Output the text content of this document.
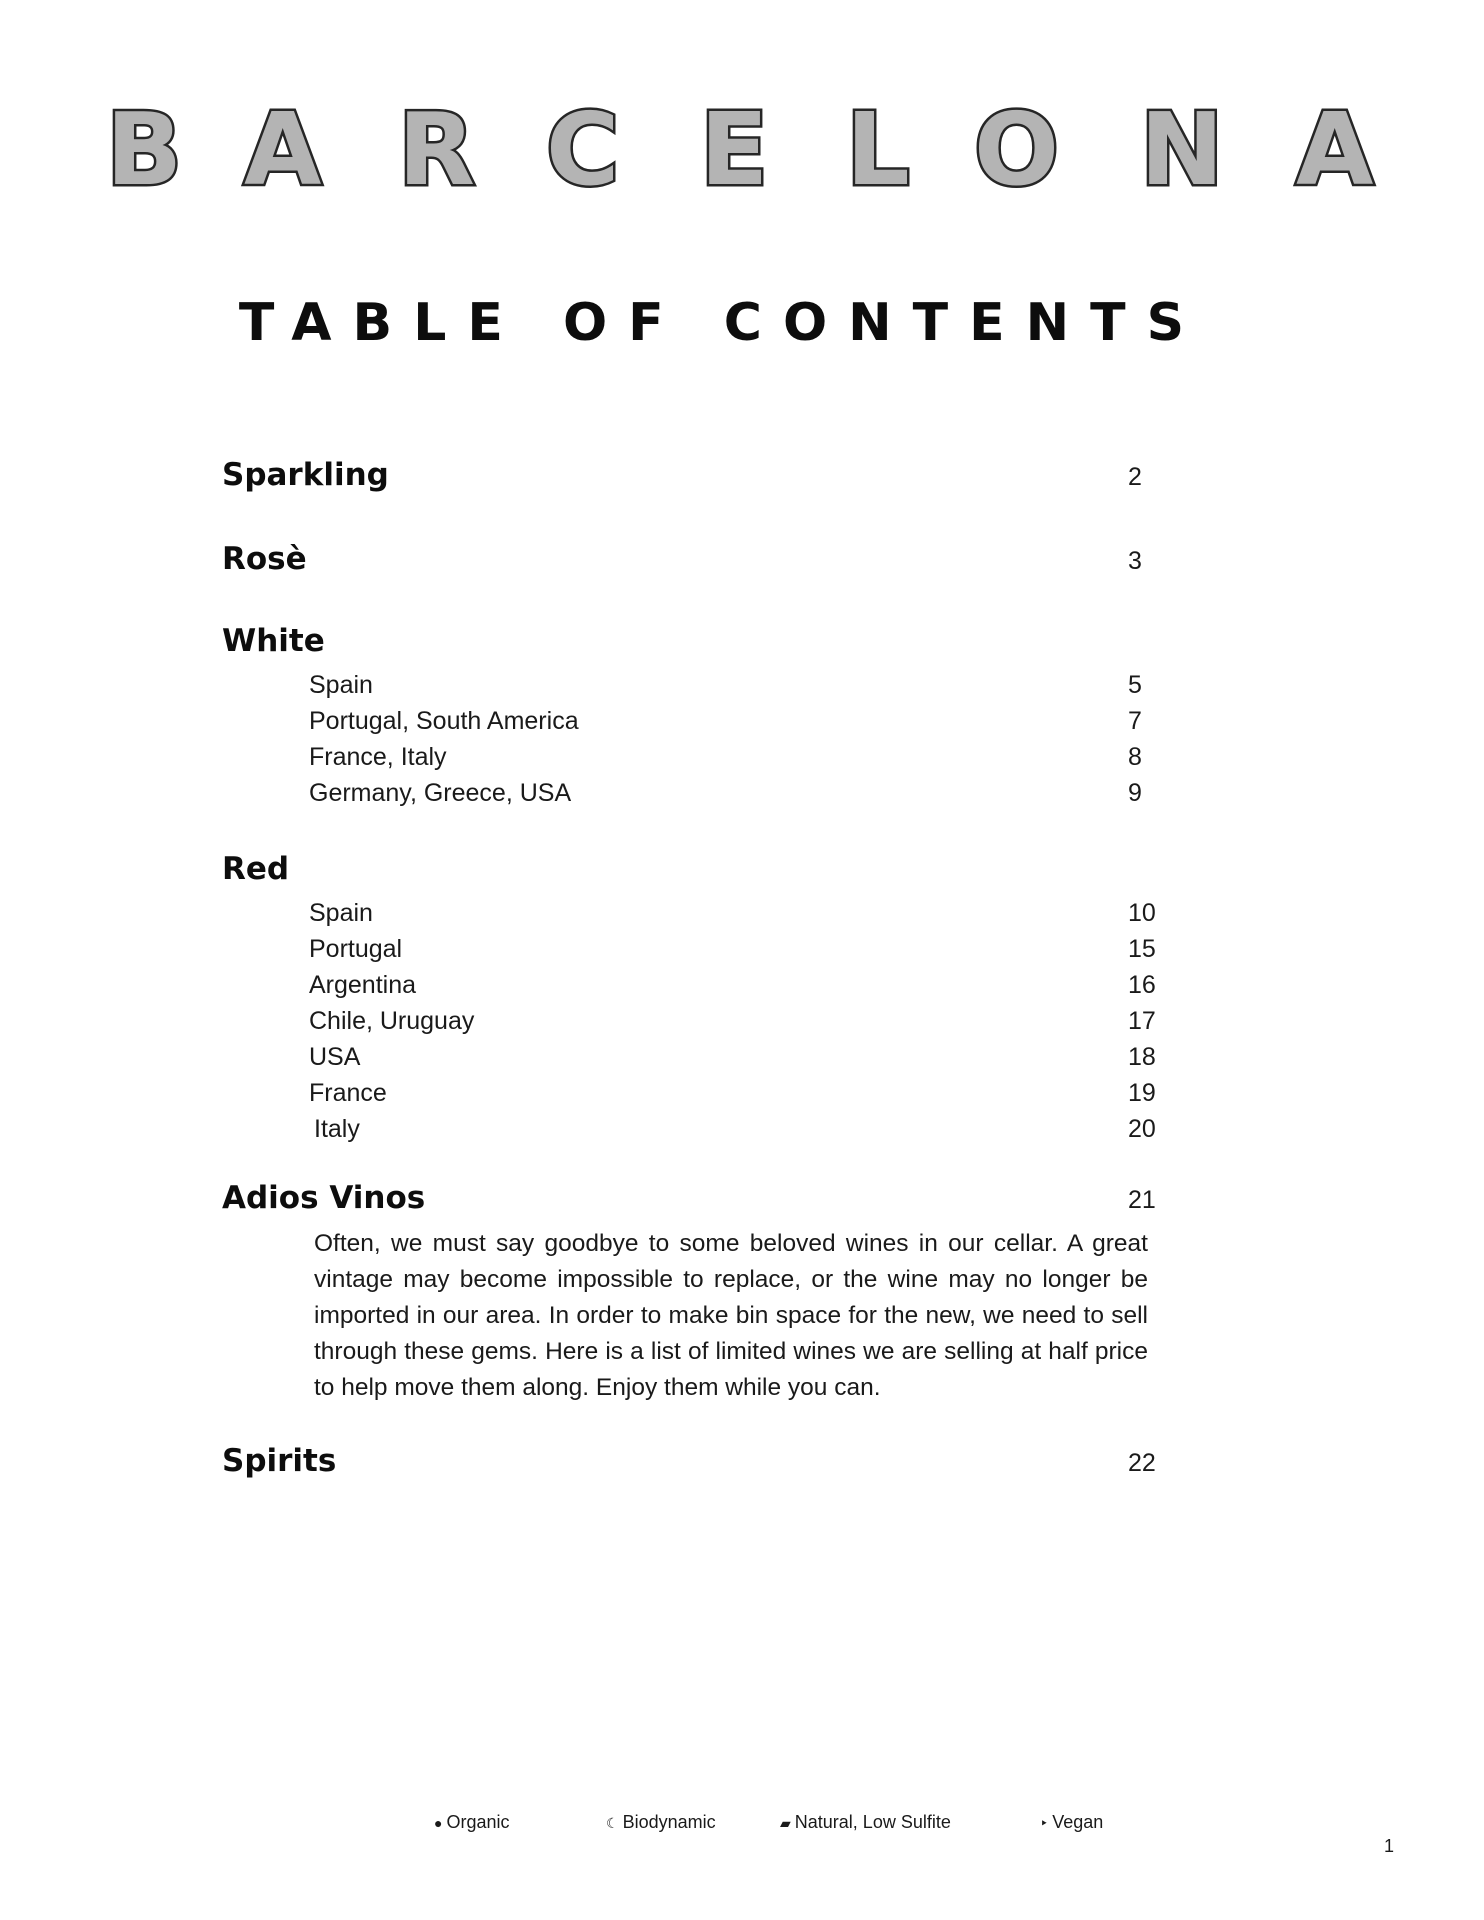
B A R C E L O N A
TABLE OF CONTENTS
Sparkling	2
Rosè	3
White
Spain	5
Portugal, South America	7
France, Italy	8
Germany, Greece, USA	9
Red
Spain	10
Portugal	15
Argentina	16
Chile, Uruguay	17
USA	18
France	19
Italy	20
Adios Vinos	21
Often, we must say goodbye to some beloved wines in our cellar. A great vintage may become impossible to replace, or the wine may no longer be imported in our area. In order to make bin space for the new, we need to sell through these gems. Here is a list of limited wines we are selling at half price to help move them along. Enjoy them while you can.
Spirits	22
● Organic	☾ Biodynamic	▰ Natural, Low Sulfite	‣ Vegan
1
